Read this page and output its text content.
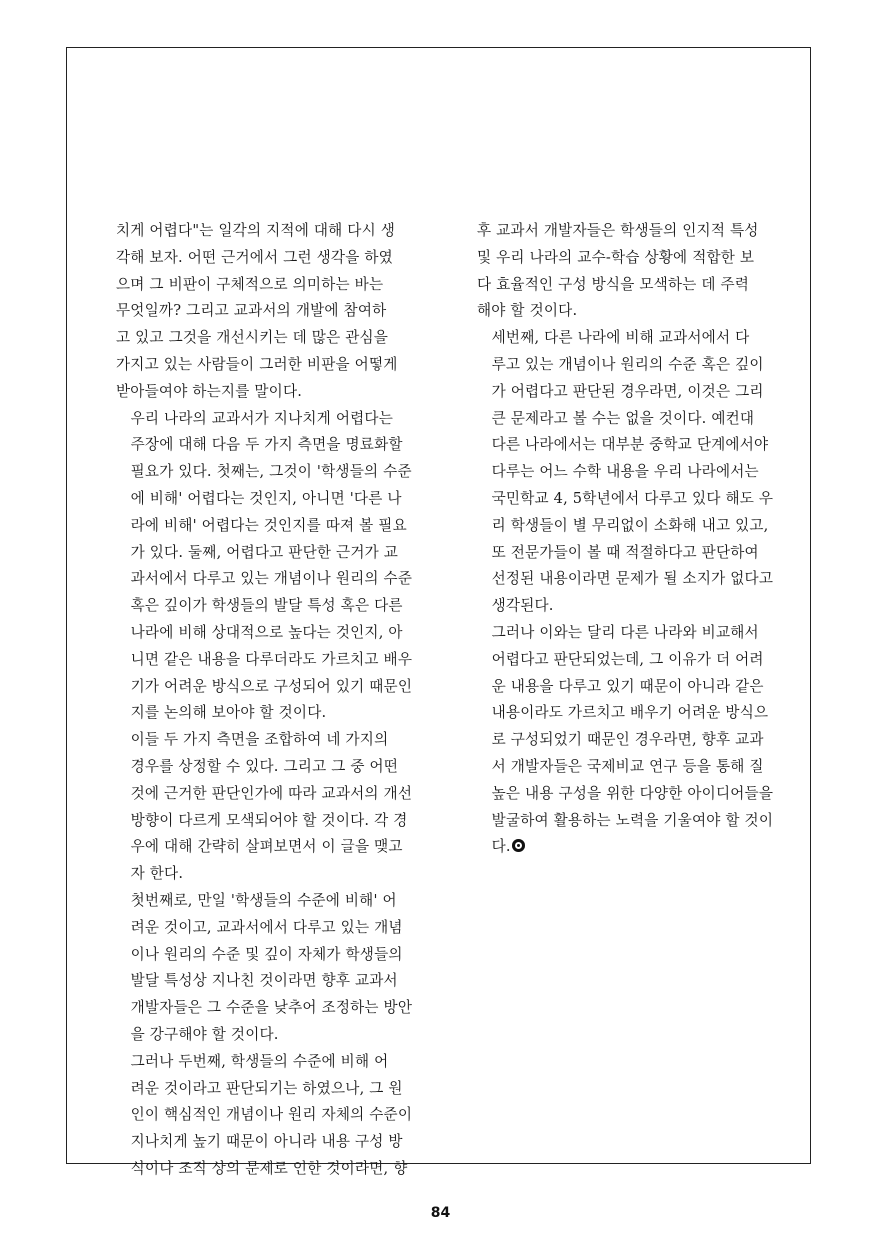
치게 어렵다"는 일각의 지적에 대해 다시 생
각해 보자. 어떤 근거에서 그런 생각을 하였
으며 그 비판이 구체적으로 의미하는 바는
무엇일까? 그리고 교과서의 개발에 참여하
고 있고 그것을 개선시키는 데 많은 관심을
가지고 있는 사람들이 그러한 비판을 어떻게
받아들여야 하는지를 말이다.

우리 나라의 교과서가 지나치게 어렵다는
주장에 대해 다음 두 가지 측면을 명료화할
필요가 있다. 첫째는, 그것이 '학생들의 수준
에 비해' 어렵다는 것인지, 아니면 '다른 나
라에 비해' 어렵다는 것인지를 따져 볼 필요
가 있다. 둘째, 어렵다고 판단한 근거가 교
과서에서 다루고 있는 개념이나 원리의 수준
혹은 깊이가 학생들의 발달 특성 혹은 다른
나라에 비해 상대적으로 높다는 것인지, 아
니면 같은 내용을 다루더라도 가르치고 배우
기가 어려운 방식으로 구성되어 있기 때문인
지를 논의해 보아야 할 것이다.

이들 두 가지 측면을 조합하여 네 가지의
경우를 상정할 수 있다. 그리고 그 중 어떤
것에 근거한 판단인가에 따라 교과서의 개선
방향이 다르게 모색되어야 할 것이다. 각 경
우에 대해 간략히 살펴보면서 이 글을 맺고
자 한다.

첫번째로, 만일 '학생들의 수준에 비해' 어
려운 것이고, 교과서에서 다루고 있는 개념
이나 원리의 수준 및 깊이 자체가 학생들의
발달 특성상 지나친 것이라면 향후 교과서
개발자들은 그 수준을 낮추어 조정하는 방안
을 강구해야 할 것이다.

그러나 두번째, 학생들의 수준에 비해 어
려운 것이라고 판단되기는 하였으나, 그 원
인이 핵심적인 개념이나 원리 자체의 수준이
지나치게 높기 때문이 아니라 내용 구성 방
식이나 조직 상의 문제로 인한 것이라면, 향

후 교과서 개발자들은 학생들의 인지적 특성
및 우리 나라의 교수-학습 상황에 적합한 보
다 효율적인 구성 방식을 모색하는 데 주력
해야 할 것이다.

세번째, 다른 나라에 비해 교과서에서 다
루고 있는 개념이나 원리의 수준 혹은 깊이
가 어렵다고 판단된 경우라면, 이것은 그리
큰 문제라고 볼 수는 없을 것이다. 예컨대
다른 나라에서는 대부분 중학교 단계에서야
다루는 어느 수학 내용을 우리 나라에서는
국민학교 4, 5학년에서 다루고 있다 해도 우
리 학생들이 별 무리없이 소화해 내고 있고,
또 전문가들이 볼 때 적절하다고 판단하여
선정된 내용이라면 문제가 될 소지가 없다고
생각된다.

그러나 이와는 달리 다른 나라와 비교해서
어렵다고 판단되었는데, 그 이유가 더 어려
운 내용을 다루고 있기 때문이 아니라 같은
내용이라도 가르치고 배우기 어려운 방식으
로 구성되었기 때문인 경우라면, 향후 교과
서 개발자들은 국제비교 연구 등을 통해 질
높은 내용 구성을 위한 다양한 아이디어들을
발굴하여 활용하는 노력을 기울여야 할 것이
다.

84
